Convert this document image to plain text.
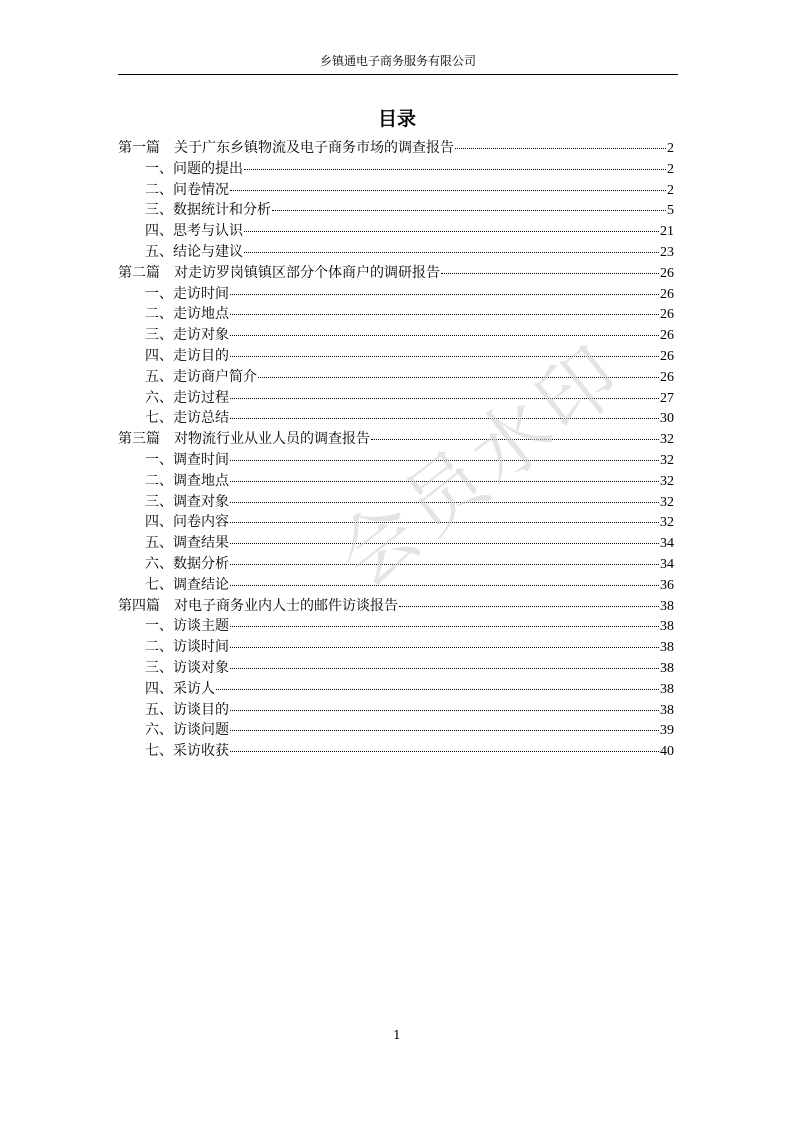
乡镇通电子商务服务有限公司
目录
第一篇　关于广东乡镇物流及电子商务市场的调查报告	2
一、问题的提出	2
二、问卷情况	2
三、数据统计和分析	5
四、思考与认识	21
五、结论与建议	23
第二篇　对走访罗岗镇镇区部分个体商户的调研报告	26
一、走访时间	26
二、走访地点	26
三、走访对象	26
四、走访目的	26
五、走访商户简介	26
六、走访过程	27
七、走访总结	30
第三篇　对物流行业从业人员的调查报告	32
一、调查时间	32
二、调查地点	32
三、调查对象	32
四、问卷内容	32
五、调查结果	34
六、数据分析	34
七、调查结论	36
第四篇　对电子商务业内人士的邮件访谈报告	38
一、访谈主题	38
二、访谈时间	38
三、访谈对象	38
四、采访人	38
五、访谈目的	38
六、访谈问题	39
七、采访收获	40
会员水印
1
